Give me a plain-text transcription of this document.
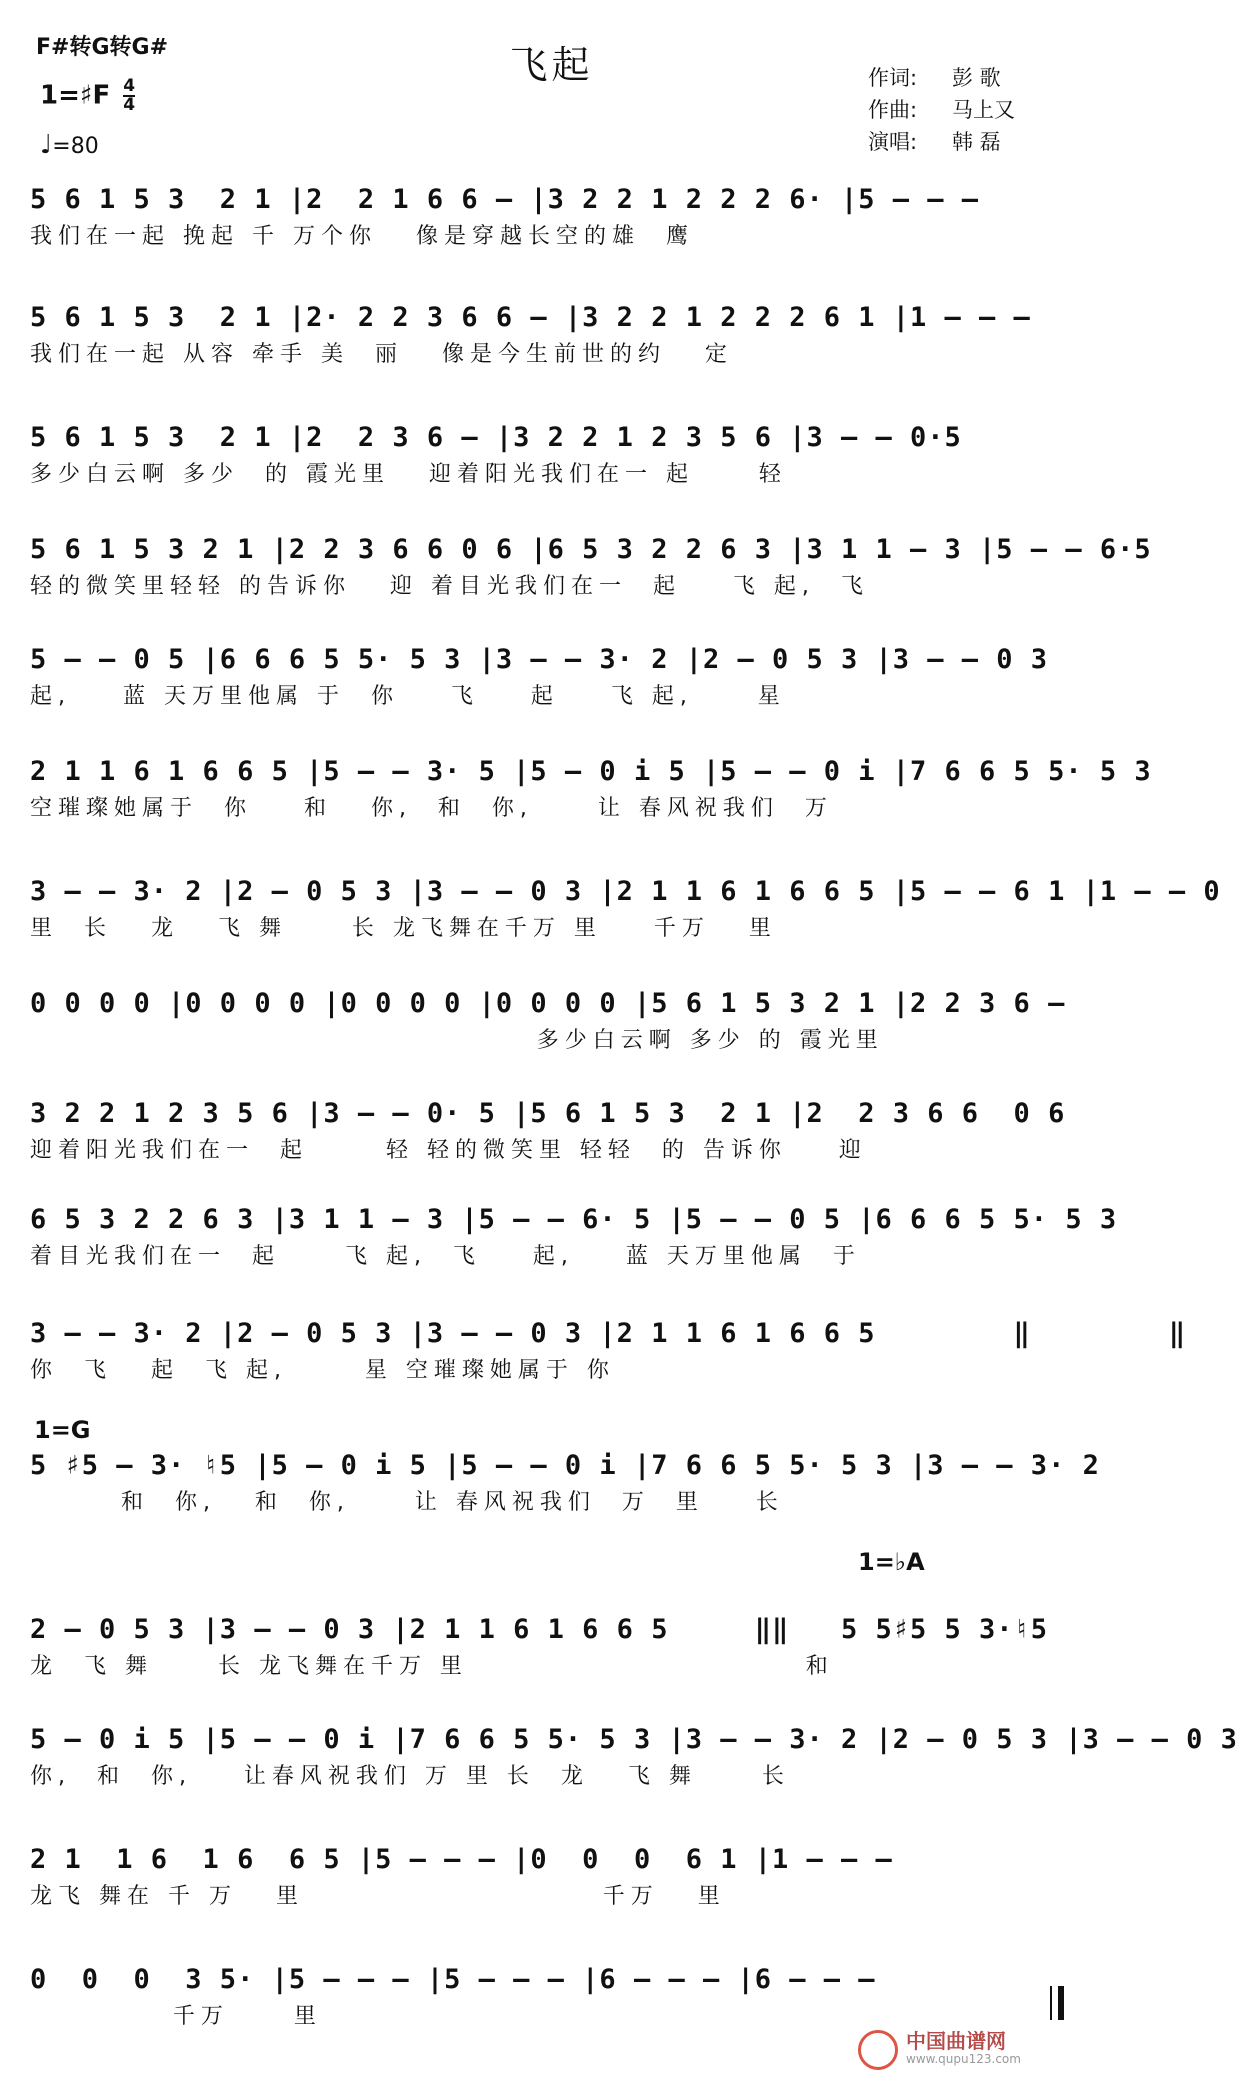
F#转G转G#	飞起
1=♯F $\frac{4}{4}$
♩=80
作词:	彭 歌
作曲:	马上又
演唱:	韩 磊
1=G
1=♭A
5 6 1 5 3  2 1 |2  2 1 6 6 – |3 2 2 1 2 2 2 6· |5 – – –
我们在一起 挽起 千 万个你   像是穿越长空的雄  鹰
5 6 1 5 3  2 1 |2· 2 2 3 6 6 – |3 2 2 1 2 2 2 6 1 |1 – – –
我们在一起 从容 牵手 美  丽   像是今生前世的约   定
5 6 1 5 3  2 1 |2  2 3 6 – |3 2 2 1 2 3 5 6 |3 – – 0·5
多少白云啊 多少  的 霞光里   迎着阳光我们在一 起     轻
5 6 1 5 3 2 1 |2 2 3 6 6 0 6 |6 5 3 2 2 6 3 |3 1 1 – 3 |5 – – 6·5
轻的微笑里轻轻 的告诉你   迎 着目光我们在一  起    飞 起,  飞
5 – – 0 5 |6 6 6 5 5· 5 3 |3 – – 3· 2 |2 – 0 5 3 |3 – – 0 3
起,    蓝 天万里他属 于  你    飞    起    飞 起,     星
2 1 1 6 1 6 6 5 |5 – – 3· 5 |5 – 0 i 5 |5 – – 0 i |7 6 6 5 5· 5 3
空璀璨她属于  你    和   你,  和  你,     让 春风祝我们  万
3 – – 3· 2 |2 – 0 5 3 |3 – – 0 3 |2 1 1 6 1 6 6 5 |5 – – 6 1 |1 – – 0
里  长   龙   飞 舞     长 龙飞舞在千万 里    千万   里
0 0 0 0 |0 0 0 0 |0 0 0 0 |0 0 0 0 |5 6 1 5 3 2 1 |2 2 3 6 –
多少白云啊 多少 的 霞光里
3 2 2 1 2 3 5 6 |3 – – 0· 5 |5 6 1 5 3  2 1 |2  2 3 6 6  0 6
迎着阳光我们在一  起      轻 轻的微笑里 轻轻  的 告诉你    迎
6 5 3 2 2 6 3 |3 1 1 – 3 |5 – – 6· 5 |5 – – 0 5 |6 6 6 5 5· 5 3
着目光我们在一  起     飞 起,  飞    起,    蓝 天万里他属  于
3 – – 3· 2 |2 – 0 5 3 |3 – – 0 3 |2 1 1 6 1 6 6 5        ‖        ‖
你  飞   起  飞 起,      星 空璀璨她属于 你
5 ♯5 – 3· ♮5 |5 – 0 i 5 |5 – – 0 i |7 6 6 5 5· 5 3 |3 – – 3· 2
和  你,   和  你,     让 春风祝我们  万  里    长
2 – 0 5 3 |3 – – 0 3 |2 1 1 6 1 6 6 5     ‖‖   5 5♯5 5 3·♮5
龙  飞 舞     长 龙飞舞在千万 里                          和
5 – 0 i 5 |5 – – 0 i |7 6 6 5 5· 5 3 |3 – – 3· 2 |2 – 0 5 3 |3 – – 0 3
你,  和  你,    让春风祝我们 万 里 长  龙   飞 舞     长
2 1  1 6  1 6  6 5 |5 – – – |0  0  0  6 1 |1 – – –
龙飞 舞在 千 万   里                       千万   里
0  0  0  3 5· |5 – – – |5 – – – |6 – – – |6 – – –
千万     里
中国曲谱网
www.qupu123.com
